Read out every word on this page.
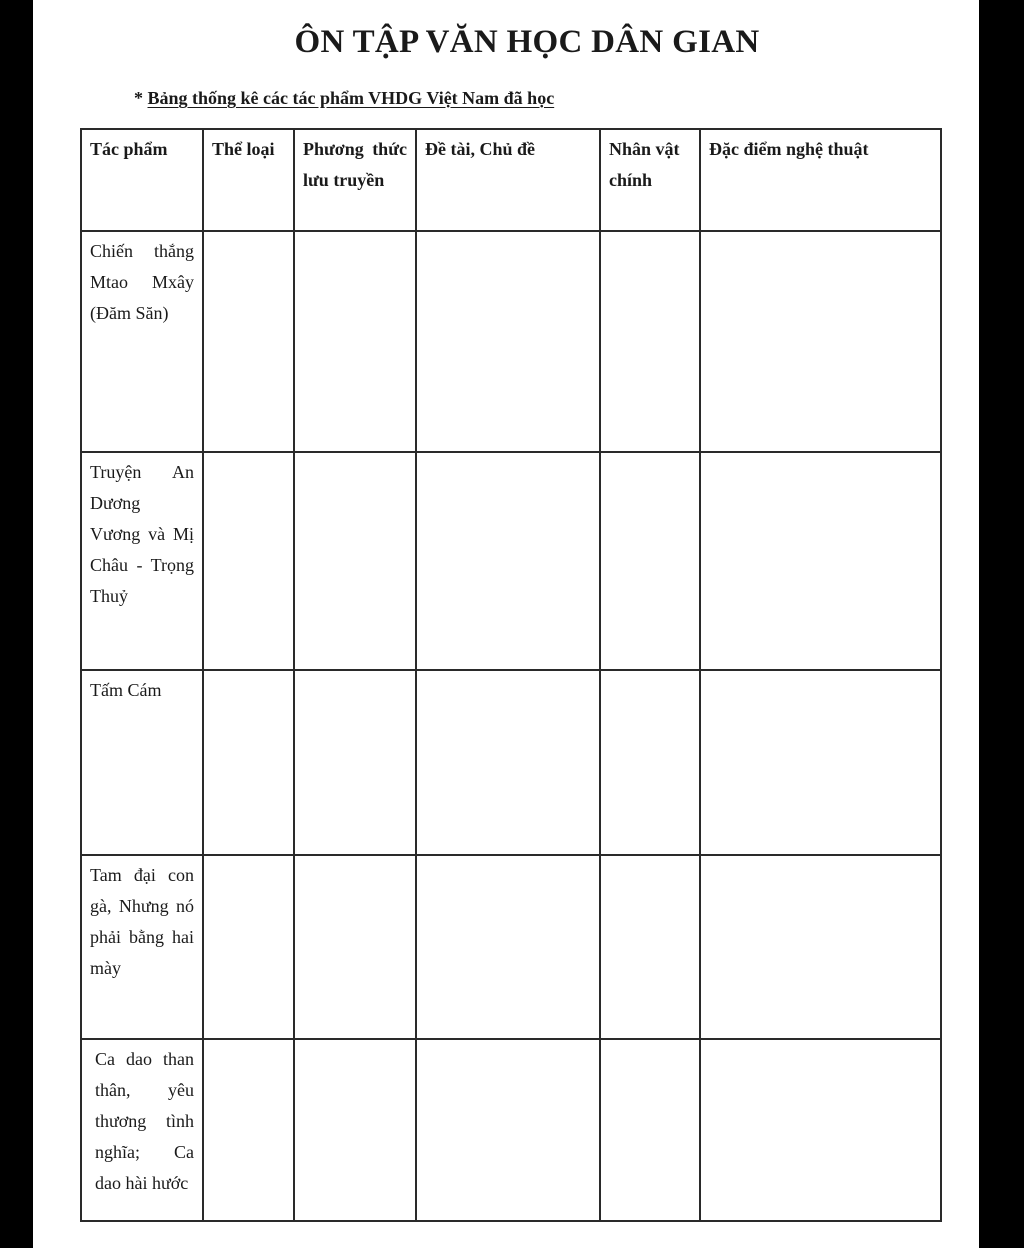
ÔN TẬP VĂN HỌC DÂN GIAN
* Bảng thống kê các tác phẩm VHDG Việt Nam đã học
Tác phẩm	Thể loại	Phương thức lưu truyền	Đề tài, Chủ đề	Nhân vật chính	Đặc điểm nghệ thuật
Chiến thắng Mtao Mxây (Đăm Săn)					
Truyện An Dương Vương và Mị Châu - Trọng Thuỷ					
Tấm Cám					
Tam đại con gà, Nhưng nó phải bằng hai mày					
Ca dao than thân, yêu thương tình nghĩa; Ca dao hài hước					
